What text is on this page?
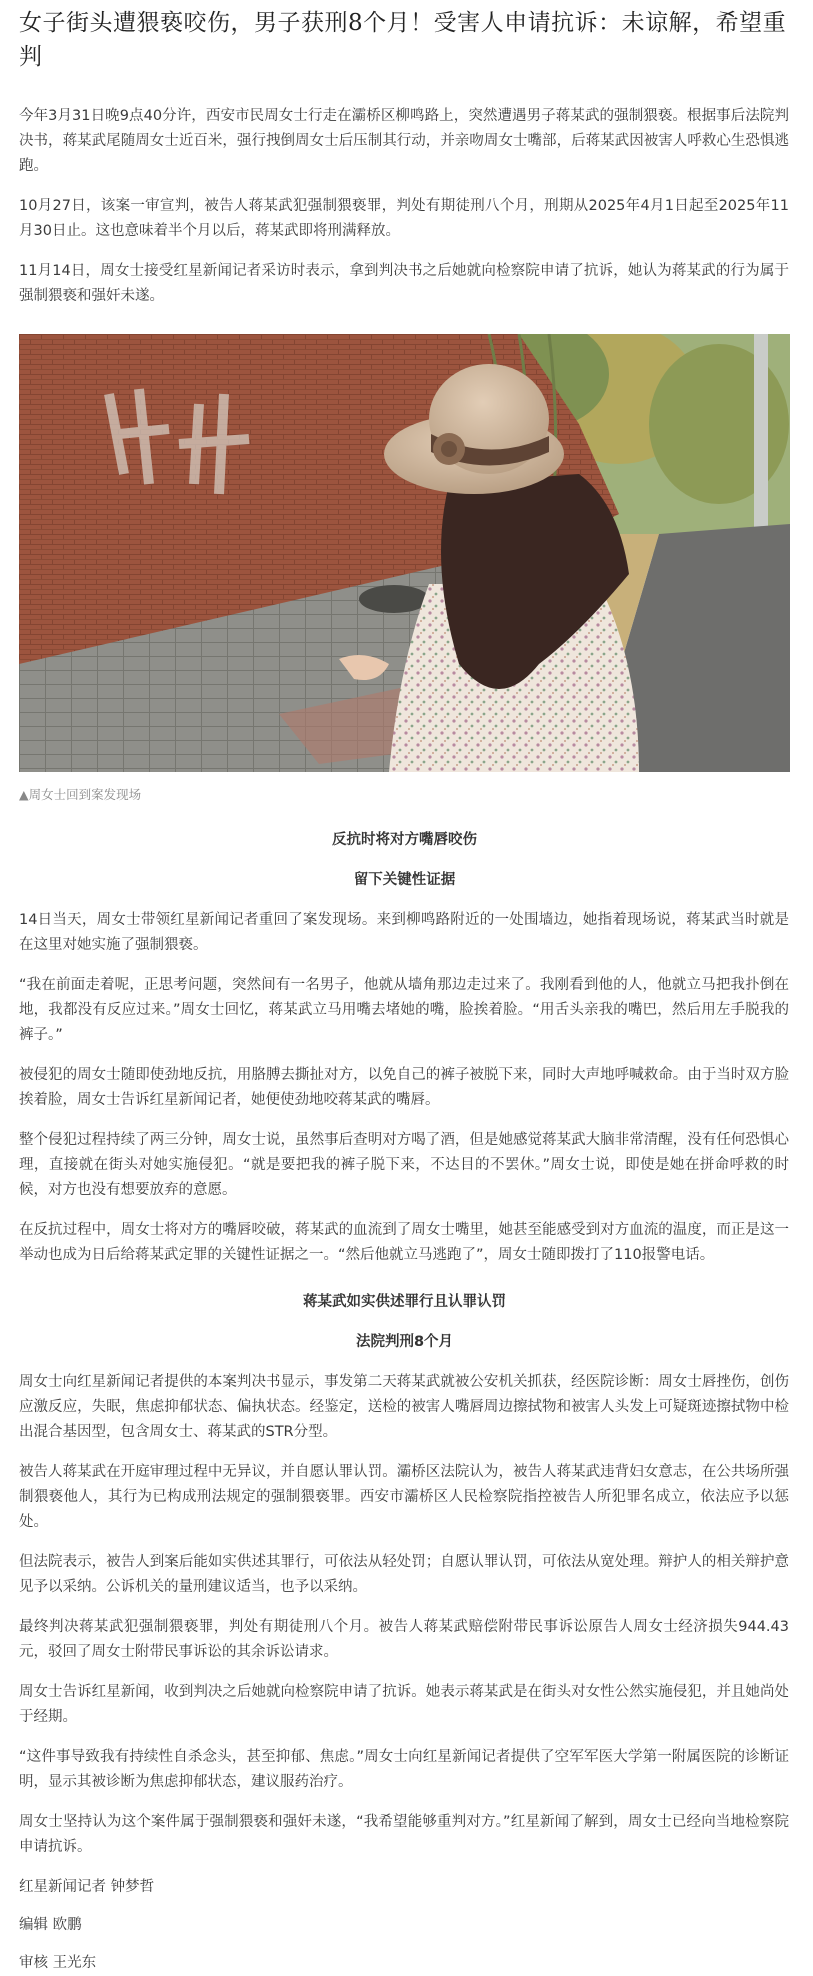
女子街头遭猥亵咬伤，男子获刑8个月！受害人申请抗诉：未谅解，希望重判

今年3月31日晚9点40分许，西安市民周女士行走在灞桥区柳鸣路上，突然遭遇男子蒋某武的强制猥亵。根据事后法院判决书，蒋某武尾随周女士近百米，强行拽倒周女士后压制其行动，并亲吻周女士嘴部，后蒋某武因被害人呼救心生恐惧逃跑。

10月27日，该案一审宣判，被告人蒋某武犯强制猥亵罪，判处有期徒刑八个月，刑期从2025年4月1日起至2025年11月30日止。这也意味着半个月以后，蒋某武即将刑满释放。

11月14日，周女士接受红星新闻记者采访时表示，拿到判决书之后她就向检察院申请了抗诉，她认为蒋某武的行为属于强制猥亵和强奸未遂。

▲周女士回到案发现场

反抗时将对方嘴唇咬伤

留下关键性证据

14日当天，周女士带领红星新闻记者重回了案发现场。来到柳鸣路附近的一处围墙边，她指着现场说，蒋某武当时就是在这里对她实施了强制猥亵。

“我在前面走着呢，正思考问题，突然间有一名男子，他就从墙角那边走过来了。我刚看到他的人，他就立马把我扑倒在地，我都没有反应过来。”周女士回忆，蒋某武立马用嘴去堵她的嘴，脸挨着脸。“用舌头亲我的嘴巴，然后用左手脱我的裤子。”

被侵犯的周女士随即使劲地反抗，用胳膊去撕扯对方，以免自己的裤子被脱下来，同时大声地呼喊救命。由于当时双方脸挨着脸，周女士告诉红星新闻记者，她便使劲地咬蒋某武的嘴唇。

整个侵犯过程持续了两三分钟，周女士说，虽然事后查明对方喝了酒，但是她感觉蒋某武大脑非常清醒，没有任何恐惧心理，直接就在街头对她实施侵犯。“就是要把我的裤子脱下来，不达目的不罢休。”周女士说，即使是她在拼命呼救的时候，对方也没有想要放弃的意愿。

在反抗过程中，周女士将对方的嘴唇咬破，蒋某武的血流到了周女士嘴里，她甚至能感受到对方血流的温度，而正是这一举动也成为日后给蒋某武定罪的关键性证据之一。“然后他就立马逃跑了”，周女士随即拨打了110报警电话。

蒋某武如实供述罪行且认罪认罚

法院判刑8个月

周女士向红星新闻记者提供的本案判决书显示，事发第二天蒋某武就被公安机关抓获，经医院诊断：周女士唇挫伤，创伤应激反应，失眠，焦虑抑郁状态、偏执状态。经鉴定，送检的被害人嘴唇周边擦拭物和被害人头发上可疑斑迹擦拭物中检出混合基因型，包含周女士、蒋某武的STR分型。

被告人蒋某武在开庭审理过程中无异议，并自愿认罪认罚。灞桥区法院认为，被告人蒋某武违背妇女意志，在公共场所强制猥亵他人，其行为已构成刑法规定的强制猥亵罪。西安市灞桥区人民检察院指控被告人所犯罪名成立，依法应予以惩处。

但法院表示，被告人到案后能如实供述其罪行，可依法从轻处罚；自愿认罪认罚，可依法从宽处理。辩护人的相关辩护意见予以采纳。公诉机关的量刑建议适当，也予以采纳。

最终判决蒋某武犯强制猥亵罪，判处有期徒刑八个月。被告人蒋某武赔偿附带民事诉讼原告人周女士经济损失944.43元，驳回了周女士附带民事诉讼的其余诉讼请求。

周女士告诉红星新闻，收到判决之后她就向检察院申请了抗诉。她表示蒋某武是在街头对女性公然实施侵犯，并且她尚处于经期。

“这件事导致我有持续性自杀念头，甚至抑郁、焦虑。”周女士向红星新闻记者提供了空军军医大学第一附属医院的诊断证明，显示其被诊断为焦虑抑郁状态，建议服药治疗。

周女士坚持认为这个案件属于强制猥亵和强奸未遂，“我希望能够重判对方。”红星新闻了解到，周女士已经向当地检察院申请抗诉。

红星新闻记者 钟梦哲

编辑 欧鹏

审核 王光东
